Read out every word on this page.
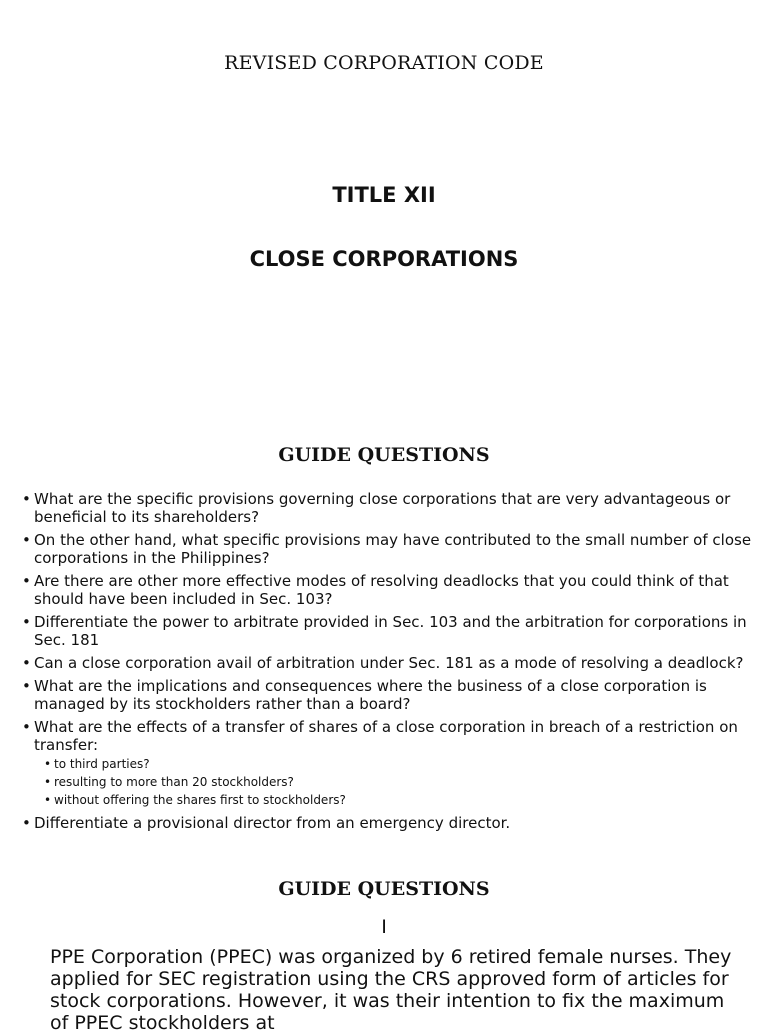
REVISED CORPORATION CODE
TITLE XII
CLOSE CORPORATIONS
GUIDE QUESTIONS
• What are the specific provisions governing close corporations that are very advantageous or beneficial to its shareholders?
• On the other hand, what specific provisions may have contributed to the small number of close corporations in the Philippines?
• Are there are other more effective modes of resolving deadlocks that you could think of that should have been included in Sec. 103?
• Differentiate the power to arbitrate provided in Sec. 103 and the arbitration for corporations in Sec. 181
• Can a close corporation avail of arbitration under Sec. 181 as a mode of resolving a deadlock?
• What are the implications and consequences where the business of a close corporation is managed by its stockholders rather than a board?
• What are the effects of a transfer of shares of a close corporation in breach of a restriction on transfer:
• to third parties?
• resulting to more than 20 stockholders?
• without offering the shares first to stockholders?
• Differentiate a provisional director from an emergency director.
GUIDE QUESTIONS
I

PPE Corporation (PPEC) was organized by 6 retired female nurses. They applied for SEC registration using the CRS approved form of articles for stock corporations. However, it was their intention to fix the maximum of PPEC stockholders at
